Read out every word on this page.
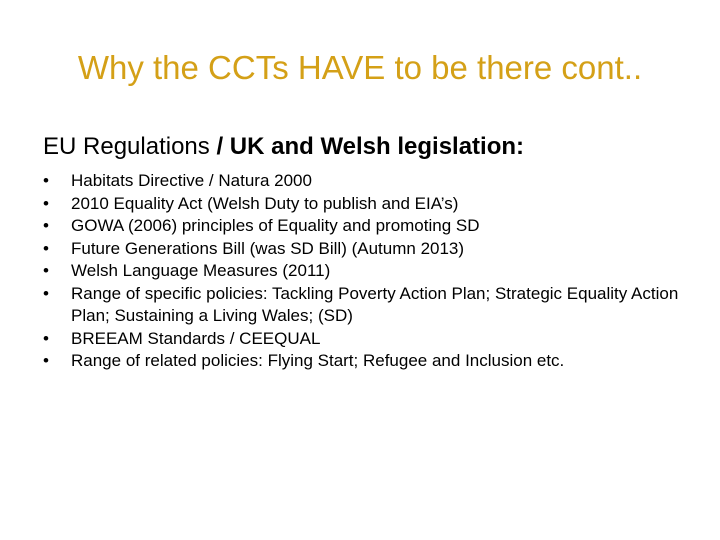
Why the CCTs HAVE to be there cont..
EU Regulations / UK and Welsh legislation:
• Habitats Directive / Natura 2000
• 2010 Equality Act (Welsh Duty to publish and EIA’s)
• GOWA (2006) principles of Equality and promoting SD
• Future Generations Bill (was SD Bill) (Autumn 2013)
• Welsh Language Measures (2011)
• Range of specific policies: Tackling Poverty Action Plan; Strategic Equality Action Plan; Sustaining a Living Wales; (SD)
• BREEAM Standards / CEEQUAL
• Range of related policies: Flying Start; Refugee and Inclusion etc.
